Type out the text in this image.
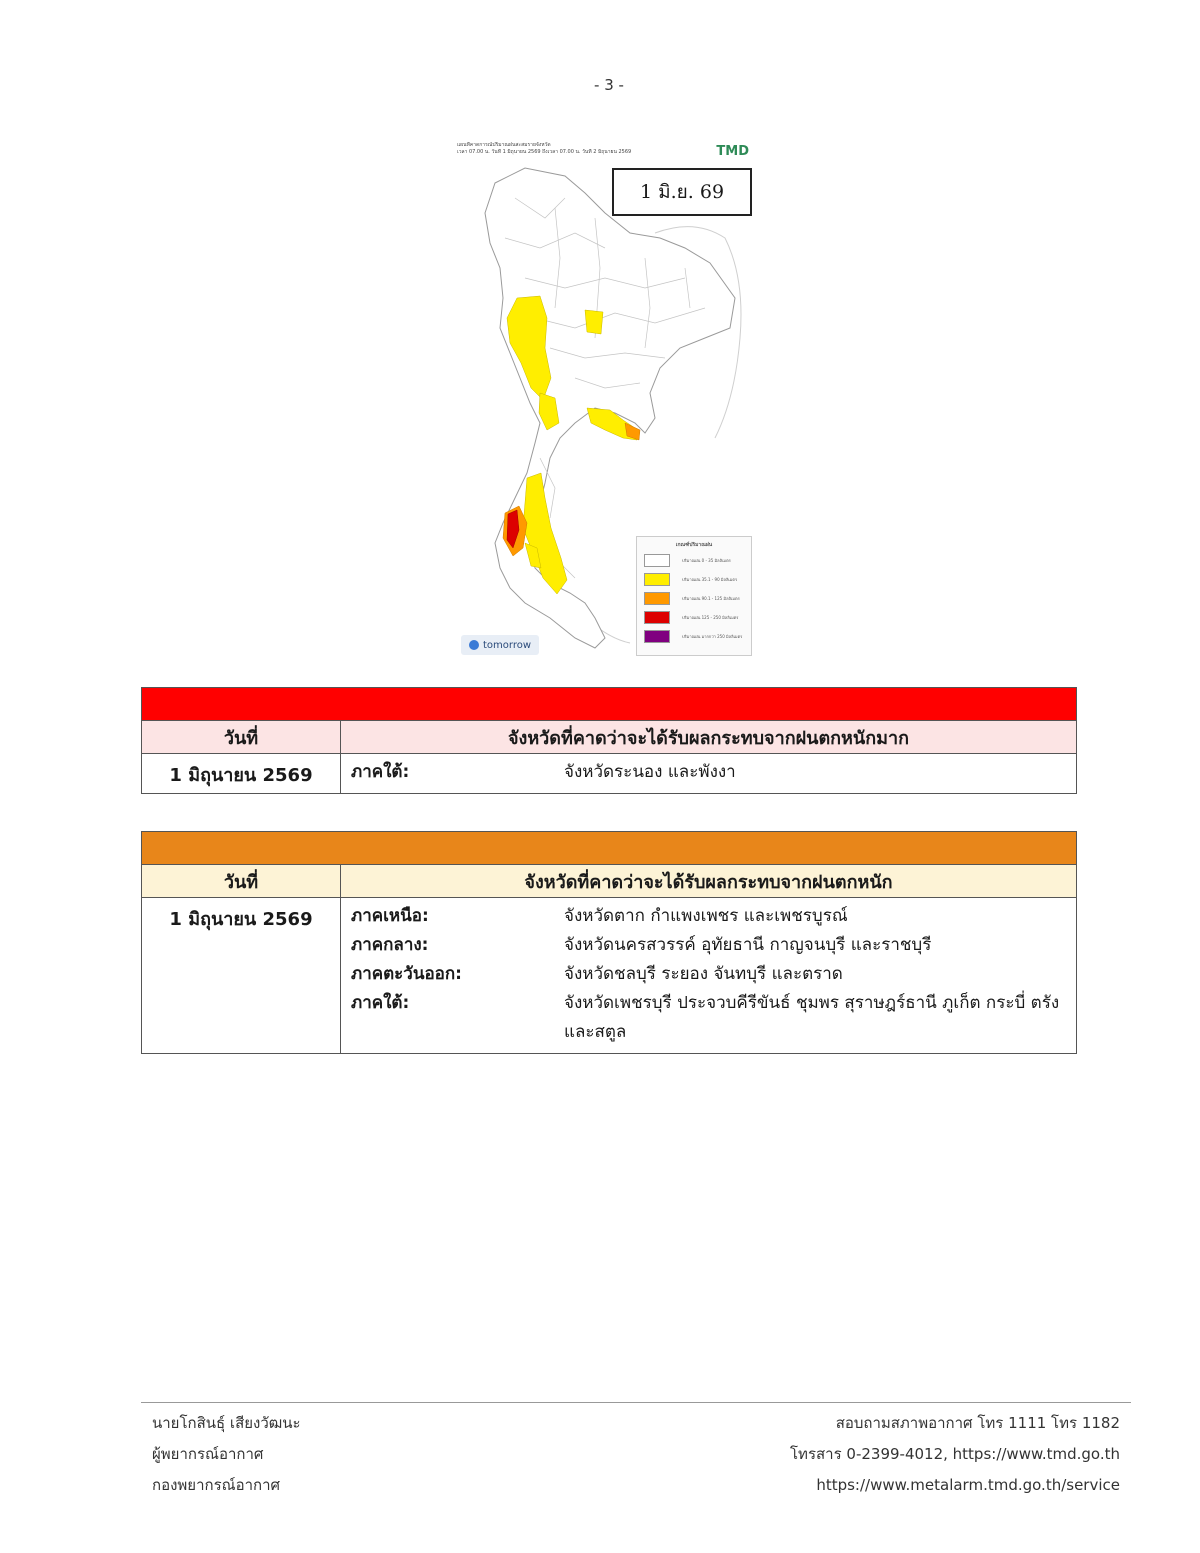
- 3 -
แผนที่คาดการณ์ปริมาณฝนสะสมรายจังหวัด
เวลา 07.00 น. วันที่ 1 มิถุนายน 2569 ถึงเวลา 07.00 น. วันที่ 2 มิถุนายน 2569	TMD
1 มิ.ย. 69
เกณฑ์ปริมาณฝน
ปริมาณฝน 0 - 35 มิลลิเมตร
ปริมาณฝน 35.1 - 90 มิลลิเมตร
ปริมาณฝน 90.1 - 125 มิลลิเมตร
ปริมาณฝน 125 - 250 มิลลิเมตร
ปริมาณฝน มากกว่า 250 มิลลิเมตร
tomorrow
วันที่	จังหวัดที่คาดว่าจะได้รับผลกระทบจากฝนตกหนักมาก
1 มิถุนายน 2569	ภาคใต้:	จังหวัดระนอง และพังงา
วันที่	จังหวัดที่คาดว่าจะได้รับผลกระทบจากฝนตกหนัก
1 มิถุนายน 2569	ภาคเหนือ:	จังหวัดตาก กำแพงเพชร และเพชรบูรณ์
ภาคกลาง:	จังหวัดนครสวรรค์ อุทัยธานี กาญจนบุรี และราชบุรี
ภาคตะวันออก:	จังหวัดชลบุรี ระยอง จันทบุรี และตราด
ภาคใต้:	จังหวัดเพชรบุรี ประจวบคีรีขันธ์ ชุมพร สุราษฎร์ธานี ภูเก็ต กระบี่ ตรัง และสตูล
นายโกสินธุ์ เสียงวัฒนะ
ผู้พยากรณ์อากาศ
กองพยากรณ์อากาศ
สอบถามสภาพอากาศ โทร 1111 โทร 1182
โทรสาร 0-2399-4012, https://www.tmd.go.th
https://www.metalarm.tmd.go.th/service
